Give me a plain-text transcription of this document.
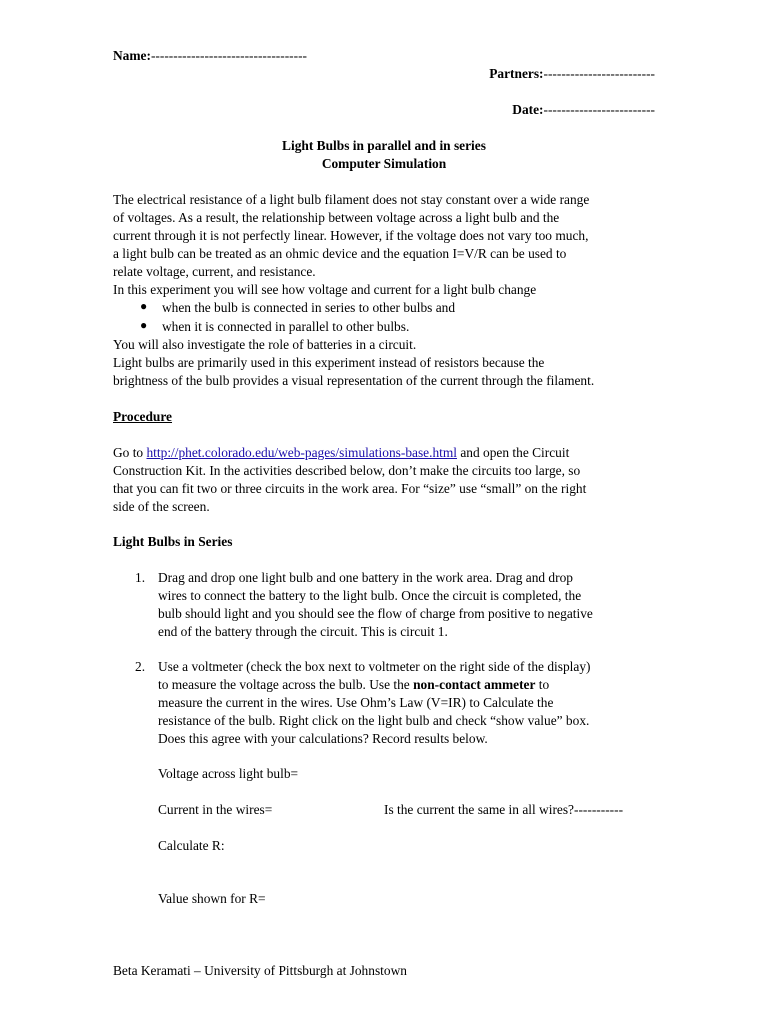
Name:-----------------------------------
Partners:-------------------------
Date:-------------------------
Light Bulbs in parallel and in series
Computer Simulation
The electrical resistance of a light bulb filament does not stay constant over a wide range
of voltages. As a result, the relationship between voltage across a light bulb and the
current through it is not perfectly linear. However, if the voltage does not vary too much,
a light bulb can be treated as an ohmic device and the equation I=V/R can be used to
relate voltage, current, and resistance.
In this experiment you will see how voltage and current for a light bulb change
● when the bulb is connected in series to other bulbs and
● when it is connected in parallel to other bulbs.
You will also investigate the role of batteries in a circuit.
Light bulbs are primarily used in this experiment instead of resistors because the
brightness of the bulb provides a visual representation of the current through the filament.
Procedure
Go to http://phet.colorado.edu/web-pages/simulations-base.html and open the Circuit
Construction Kit. In the activities described below, don’t make the circuits too large, so
that you can fit two or three circuits in the work area. For “size” use “small” on the right
side of the screen.
Light Bulbs in Series
1. Drag and drop one light bulb and one battery in the work area. Drag and drop
wires to connect the battery to the light bulb. Once the circuit is completed, the
bulb should light and you should see the flow of charge from positive to negative
end of the battery through the circuit. This is circuit 1.
2. Use a voltmeter (check the box next to voltmeter on the right side of the display)
to measure the voltage across the bulb. Use the non-contact ammeter to
measure the current in the wires. Use Ohm’s Law (V=IR) to Calculate the
resistance of the bulb. Right click on the light bulb and check “show value” box.
Does this agree with your calculations? Record results below.
Voltage across light bulb=
Current in the wires=	Is the current the same in all wires?-----------
Calculate R:
Value shown for R=
Beta Keramati – University of Pittsburgh at Johnstown
